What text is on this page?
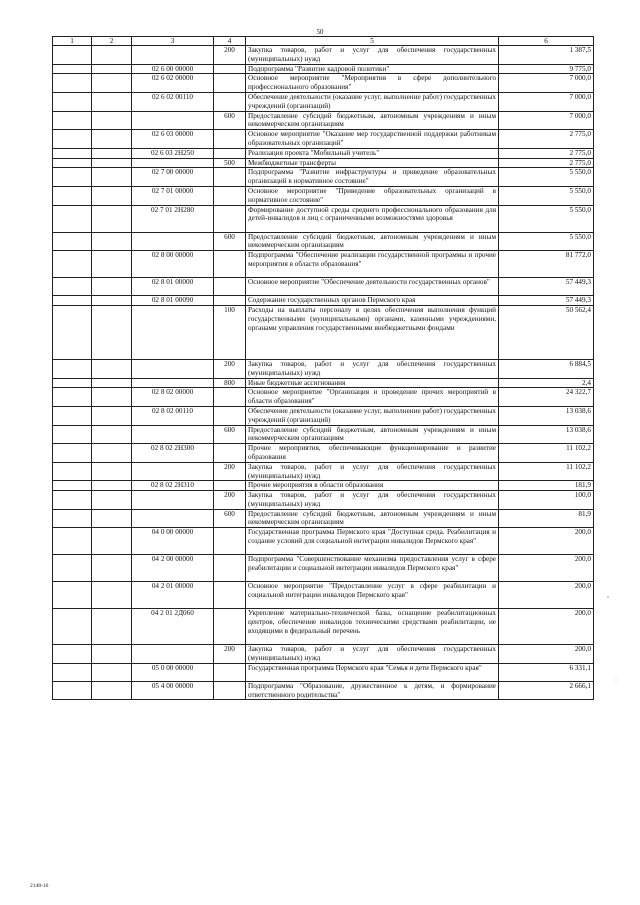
50
1	2	3	4	5	6
			200	Закупка товаров, работ и услуг для обеспечения государственных (муниципальных) нужд	1 387,5
		02 6 00 00000		Подпрограмма "Развитие кадровой политики"	9 775,0
		02 6 02 00000		Основное мероприятие "Мероприятия в сфере дополнительного профессионального образования"	7 000,0
		02 6 02 00110		Обеспечение деятельности (оказание услуг, выполнение работ) государственных учреждений (организаций)	7 000,0
			600	Предоставление субсидий бюджетным, автономным учреждениям и иным некоммерческим организациям	7 000,0
		02 6 03 00000		Основное мероприятие "Оказание мер государственной поддержки работникам образовательных организаций"	2 775,0
		02 6 03 2Н250		Реализация проекта "Мобильный учитель"	2 775,0
			500	Межбюджетные трансферты	2 775,0
		02 7 00 00000		Подпрограмма "Развитие инфраструктуры и приведение образовательных организаций в нормативное состояние"	5 550,0
		02 7 01 00000		Основное мероприятие "Приведение образовательных организаций в нормативное состояние"	5 550,0
		02 7 01 2Н280		Формирование доступной среды среднего профессионального образования для детей-инвалидов и лиц с ограниченными возможностями здоровья	5 550,0
			600	Предоставление субсидий бюджетным, автономным учреждениям и иным некоммерческим организациям	5 550,0
		02 8 00 00000		Подпрограмма "Обеспечение реализации государственной программы и прочие мероприятия в области образования"	81 772,0
		02 8 01 00000		Основное мероприятие "Обеспечение деятельности государственных органов"	57 449,3
		02 8 01 00090		Содержание государственных органов Пермского края	57 449,3
			100	Расходы на выплаты персоналу в целях обеспечения выполнения функций государственными (муниципальными) органами, казенными учреждениями, органами управления государственными внебюджетными фондами	50 562,4
			200	Закупка товаров, работ и услуг для обеспечения государственных (муниципальных) нужд	6 884,5
			800	Иные бюджетные ассигнования	2,4
		02 8 02 00000		Основное мероприятие "Организация и проведение прочих мероприятий в области образования"	24 322,7
		02 8 02 00110		Обеспечение деятельности (оказание услуг, выполнение работ) государственных учреждений (организаций)	13 038,6
			600	Предоставление субсидий бюджетным, автономным учреждениям и иным некоммерческим организациям	13 038,6
		02 8 02 2Н300		Прочие мероприятия, обеспечивающие функционирование и развитие образования	11 102,2
			200	Закупка товаров, работ и услуг для обеспечения государственных (муниципальных) нужд	11 102,2
		02 8 02 2Н310		Прочие мероприятия в области образования	181,9
			200	Закупка товаров, работ и услуг для обеспечения государственных (муниципальных) нужд	100,0
			600	Предоставление субсидий бюджетным, автономным учреждениям и иным некоммерческим организациям	81,9
		04 0 00 00000		Государственная программа Пермского края "Доступная среда. Реабилитация и создание условий для социальной интеграции инвалидов Пермского края"	200,0
		04 2 00 00000		Подпрограмма "Совершенствование механизма предоставления услуг в сфере реабилитации и социальной интеграции инвалидов Пермского края"	200,0
		04 2 01 00000		Основное мероприятие "Предоставление услуг в сфере реабилитации и социальной интеграции инвалидов Пермского края"	200,0
		04 2 01 2Д060		Укрепление материально-технической базы, оснащение реабилитационных центров, обеспечение инвалидов техническими средствами реабилитации, не входящими в федеральный перечень	200,0
			200	Закупка товаров, работ и услуг для обеспечения государственных (муниципальных) нужд	200,0
		05 0 00 00000		Государственная программа Пермского края "Семья и дети Пермского края"	6 331,1
		05 4 00 00000		Подпрограмма "Образование, дружественное к детям, и формирование ответственного родительства"	2 666,1
2148-16
